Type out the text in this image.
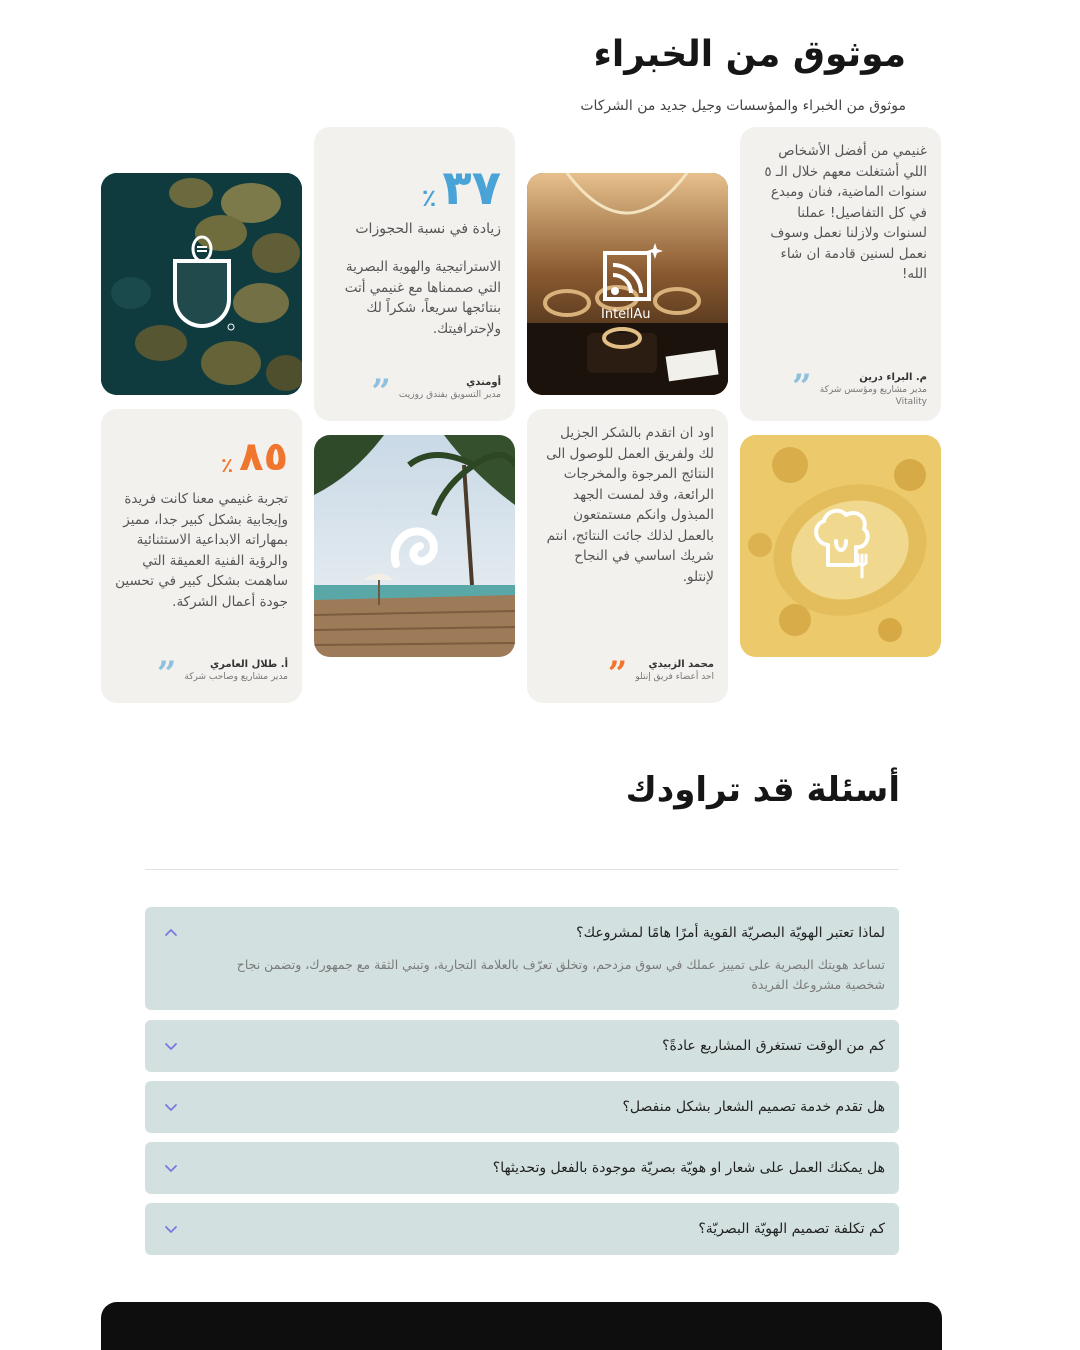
موثوق من الخبراء

موثوق من الخبراء والمؤسسات وجيل جديد من الشركات

غنيمي من أفضل الأشخاص اللي أشتغلت معهم خلال الـ ٥ سنوات الماضية، فنان ومبدع في كل التفاصيل! عملنا لسنوات ولازلنا نعمل وسوف نعمل لسنين قادمة ان شاء الله!

”	م. البراء درين
مدير مشاريع ومؤسس شركة
Vitality
IntellAu

اود ان اتقدم بالشكر الجزيل لك ولفريق العمل للوصول الى النتائج المرجوة والمخرجات الرائعة، وقد لمست الجهد المبذول وانكم مستمتعون بالعمل لذلك جائت النتائج، انتم شريك اساسي في النجاح لإنتلو.

”	محمد الزبيدي
احد أعضاء فريق إنتلو
٪ ٣٧

زيادة في نسبة الحجوزات

الاستراتيجية والهوية البصرية التي صممناها مع غنيمي أتت بنتائجها سريعاً، شكراً لك ولإحترافيتك.

”	أومندي
مدير التسويق بفندق روزيت
٪ ٨٥

تجربة غنيمي معنا كانت فريدة وإيجابية بشكل كبير جدا، مميز بمهاراته الابداعية الاستثنائية والرؤية الفنية العميقة التي ساهمت بشكل كبير في تحسين جودة أعمال الشركة.

”	أ. طلال العامري
مدير مشاريع وصاحب شركة
أسئلة قد تراودك
لماذا تعتبر الهويّة البصريّة القوية أمرًا هامًا لمشروعك؟

تساعد هويتك البصرية على تمييز عملك في سوق مزدحم، وتخلق تعرّف بالعلامة التجارية، وتبني الثقة مع جمهورك، وتضمن نجاح شخصية مشروعك الفريدة

كم من الوقت تستغرق المشاريع عادةً؟
هل تقدم خدمة تصميم الشعار بشكل منفصل؟
هل يمكنك العمل على شعار او هويّة بصريّة موجودة بالفعل وتحديثها؟
كم تكلفة تصميم الهويّة البصريّة؟
